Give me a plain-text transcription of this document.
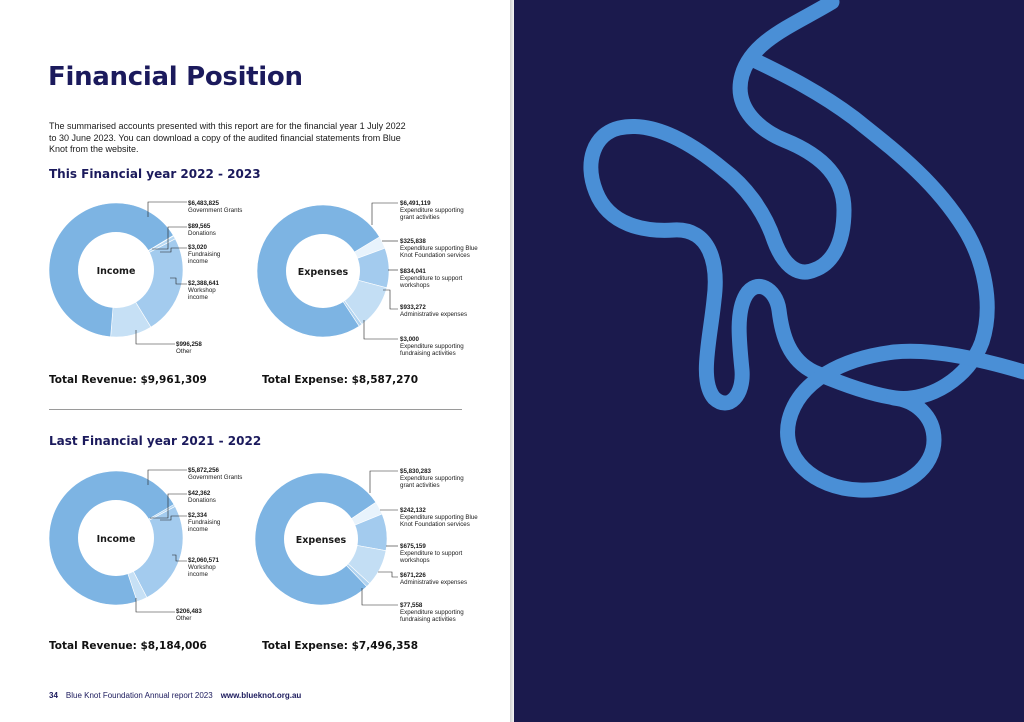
Financial Position

The summarised accounts presented with this report are for the financial year 1 July 2022 to 30 June 2023. You can download a copy of the audited financial statements from Blue Knot from the website.

This Financial year 2022 - 2023
Income	Expenses
$6,483,825
Government Grants
$89,565
Donations
$3,020
Fundraising
income
$2,388,641
Workshop
income
$996,258
Other
$6,491,119
Expenditure supporting
grant activities
$325,838
Expenditure supporting Blue
Knot Foundation services
$834,041
Expenditure to support
workshops
$933,272
Administrative expenses
$3,000
Expenditure supporting
fundraising activities

Total Revenue: $9,961,309	Total Expense: $8,587,270

Last Financial year 2021 - 2022
Income	Expenses
$5,872,256
Government Grants
$42,362
Donations
$2,334
Fundraising
income
$2,060,571
Workshop
income
$206,483
Other
$5,830,283
Expenditure supporting
grant activities
$242,132
Expenditure supporting Blue
Knot Foundation services
$675,159
Expenditure to support
workshops
$671,226
Administrative expenses
$77,558
Expenditure supporting
fundraising activities

Total Revenue: $8,184,006	Total Expense: $7,496,358

34 Blue Knot Foundation Annual report 2023 www.blueknot.org.au
